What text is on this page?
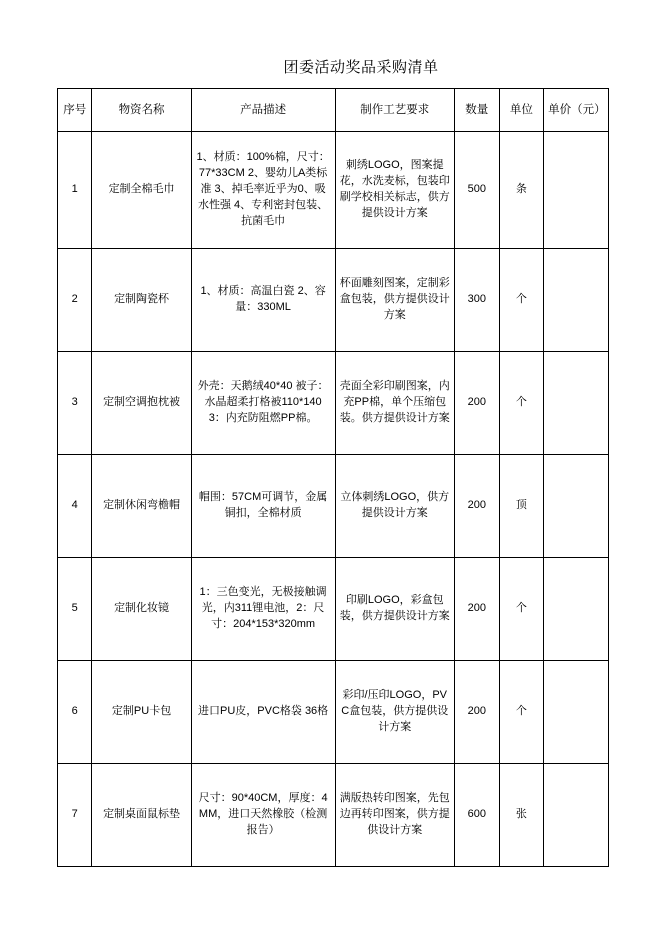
团委活动奖品采购清单
序号	物资名称	产品描述	制作工艺要求	数量	单位	单价（元）
1	定制全棉毛巾	1、材质：100%棉，尺寸：77*33CM 2、婴幼儿A类标准 3、掉毛率近乎为0、吸水性强 4、专利密封包装、抗菌毛巾	刺绣LOGO，图案提花，水洗麦标，包装印刷学校相关标志，供方提供设计方案	500	条	
2	定制陶瓷杯	1、材质：高温白瓷 2、容量：330ML	杯面雕刻图案，定制彩盒包装，供方提供设计方案	300	个	
3	定制空调抱枕被	外壳：天鹅绒40*40 被子：水晶超柔打格被110*140 3：内充防阻燃PP棉。	壳面全彩印刷图案，内充PP棉，单个压缩包装。供方提供设计方案	200	个	
4	定制休闲弯檐帽	帽围：57CM可调节，金属铜扣，全棉材质	立体刺绣LOGO，供方提供设计方案	200	顶	
5	定制化妆镜	1：三色变光，无极接触调光，内311锂电池，2：尺寸：204*153*320mm	印刷LOGO，彩盒包装，供方提供设计方案	200	个	
6	定制PU卡包	进口PU皮，PVC格袋 36格	彩印/压印LOGO，PVC盒包装，供方提供设计方案	200	个	
7	定制桌面鼠标垫	尺寸：90*40CM，厚度：4MM，进口天然橡胶（检测报告）	满版热转印图案，先包边再转印图案，供方提供设计方案	600	张	
